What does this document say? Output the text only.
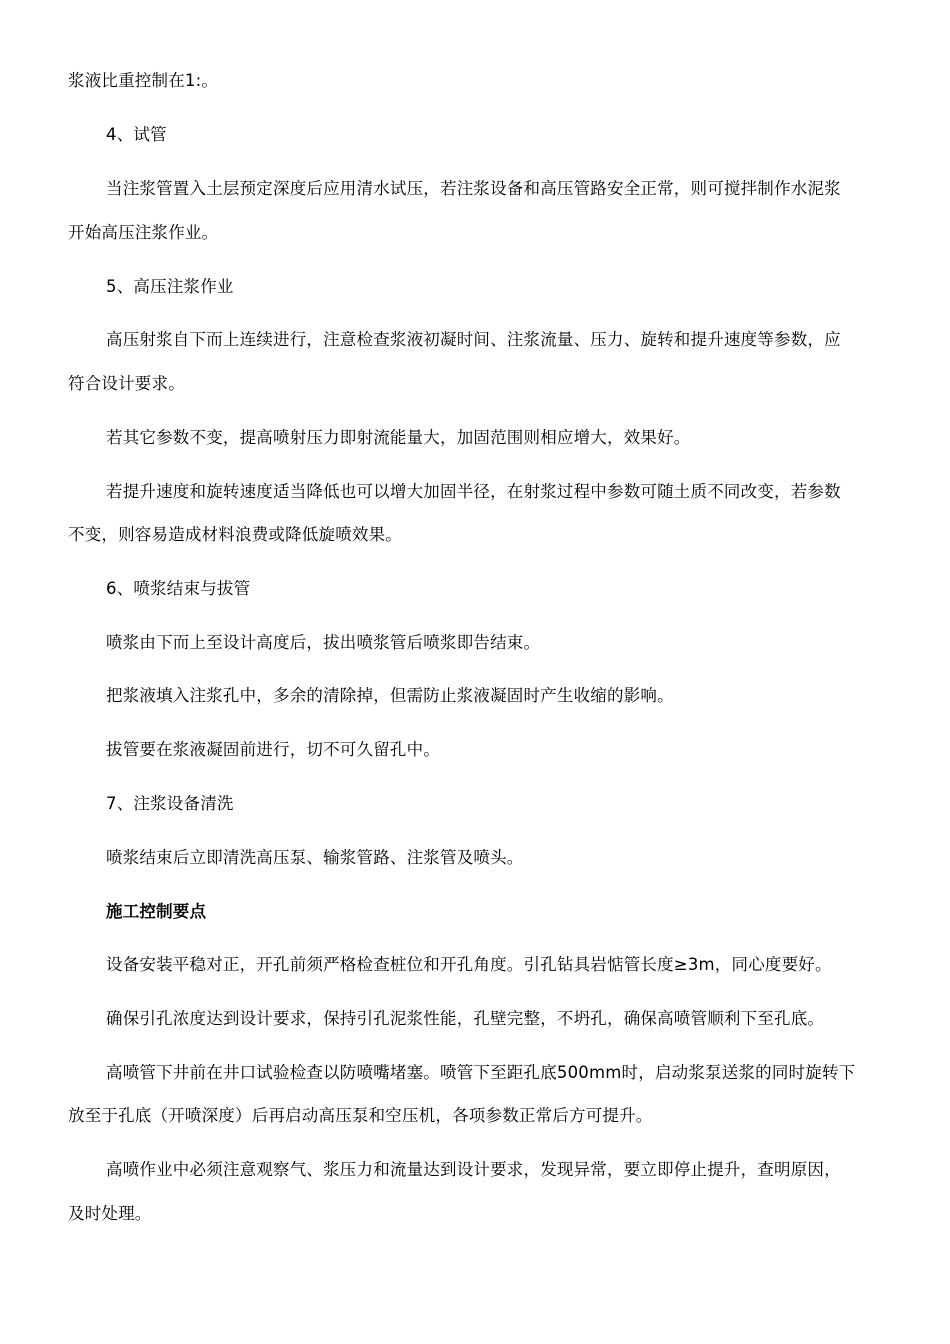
浆液比重控制在1:。
4、试管
当注浆管置入土层预定深度后应用清水试压，若注浆设备和高压管路安全正常，则可搅拌制作水泥浆
开始高压注浆作业。
5、高压注浆作业
高压射浆自下而上连续进行，注意检查浆液初凝时间、注浆流量、压力、旋转和提升速度等参数，应
符合设计要求。
若其它参数不变，提高喷射压力即射流能量大，加固范围则相应增大，效果好。
若提升速度和旋转速度适当降低也可以增大加固半径，在射浆过程中参数可随土质不同改变，若参数
不变，则容易造成材料浪费或降低旋喷效果。
6、喷浆结束与拔管
喷浆由下而上至设计高度后，拔出喷浆管后喷浆即告结束。
把浆液填入注浆孔中，多余的清除掉，但需防止浆液凝固时产生收缩的影响。
拔管要在浆液凝固前进行，切不可久留孔中。
7、注浆设备清洗
喷浆结束后立即清洗高压泵、输浆管路、注浆管及喷头。
施工控制要点
设备安装平稳对正，开孔前须严格检查桩位和开孔角度。引孔钻具岩惦管长度≥3m，同心度要好。
确保引孔浓度达到设计要求，保持引孔泥浆性能，孔壁完整，不坍孔，确保高喷管顺利下至孔底。
高喷管下井前在井口试验检查以防喷嘴堵塞。喷管下至距孔底500mm时，启动浆泵送浆的同时旋转下
放至于孔底（开喷深度）后再启动高压泵和空压机，各项参数正常后方可提升。
高喷作业中必须注意观察气、浆压力和流量达到设计要求，发现异常，要立即停止提升，查明原因，
及时处理。
